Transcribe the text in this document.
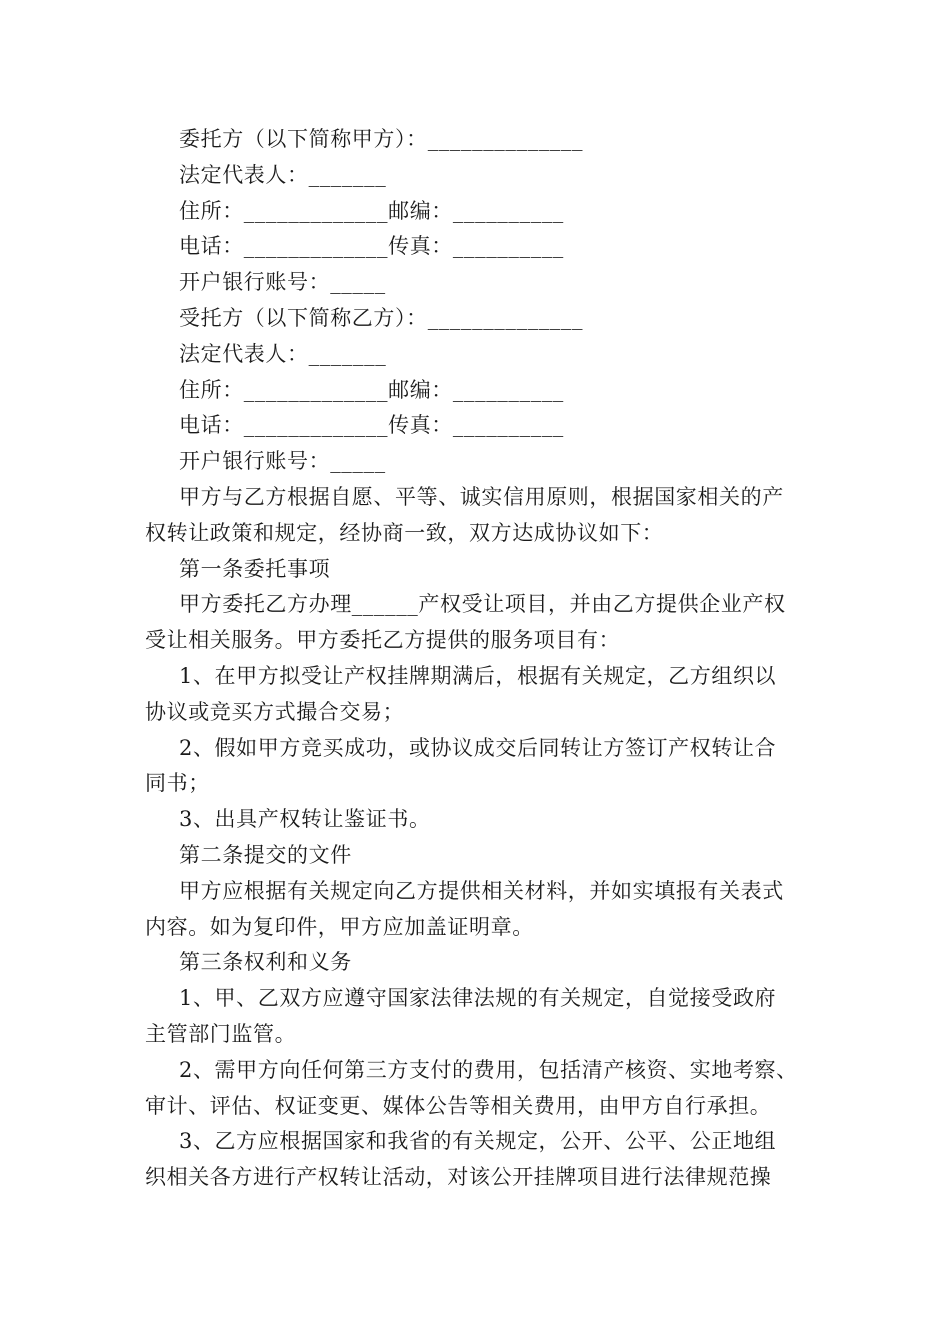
委托方（以下简称甲方）：______________
法定代表人：_______
住所：_____________邮编：__________
电话：_____________传真：__________
开户银行账号：_____
受托方（以下简称乙方）：______________
法定代表人：_______
住所：_____________邮编：__________
电话：_____________传真：__________
开户银行账号：_____
甲方与乙方根据自愿、平等、诚实信用原则，根据国家相关的产
权转让政策和规定，经协商一致，双方达成协议如下：
第一条委托事项
甲方委托乙方办理______产权受让项目，并由乙方提供企业产权
受让相关服务。甲方委托乙方提供的服务项目有：
1、在甲方拟受让产权挂牌期满后，根据有关规定，乙方组织以
协议或竞买方式撮合交易；
2、假如甲方竞买成功，或协议成交后同转让方签订产权转让合
同书；
3、出具产权转让鉴证书。
第二条提交的文件
甲方应根据有关规定向乙方提供相关材料，并如实填报有关表式
内容。如为复印件，甲方应加盖证明章。
第三条权利和义务
1、甲、乙双方应遵守国家法律法规的有关规定，自觉接受政府
主管部门监管。
2、需甲方向任何第三方支付的费用，包括清产核资、实地考察、
审计、评估、权证变更、媒体公告等相关费用，由甲方自行承担。
3、乙方应根据国家和我省的有关规定，公开、公平、公正地组
织相关各方进行产权转让活动，对该公开挂牌项目进行法律规范操
